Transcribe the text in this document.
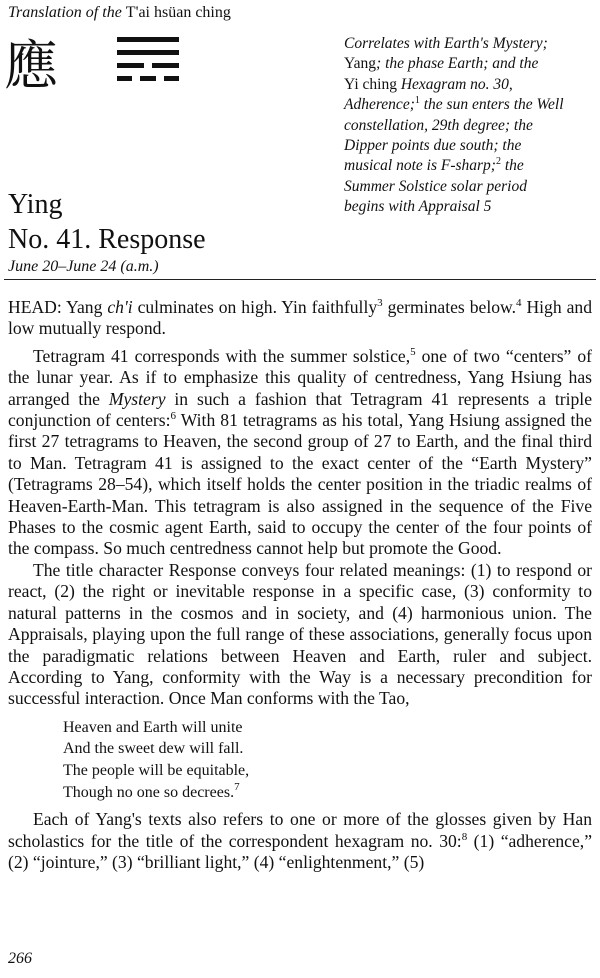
Translation of the T'ai hsüan ching
應	Correlates with Earth's Mystery;
Yang; the phase Earth; and the
Yi ching Hexagram no. 30,
Adherence;$^1$ the sun enters the Well
constellation, 29th degree; the
Dipper points due south; the
musical note is F-sharp;$^2$ the
Summer Solstice solar period
begins with Appraisal 5
Ying
No. 41. Response
June 20–June 24 (a.m.)

HEAD: Yang ch'i culminates on high. Yin faithfully$^3$ germinates below.$^4$ High and low mutually respond.

Tetragram 41 corresponds with the summer solstice,$^5$ one of two “centers” of the lunar year. As if to emphasize this quality of centredness, Yang Hsiung has arranged the Mystery in such a fashion that Tetragram 41 represents a triple conjunction of centers:$^6$ With 81 tetragrams as his total, Yang Hsiung assigned the first 27 tetragrams to Heaven, the second group of 27 to Earth, and the final third to Man. Tetragram 41 is assigned to the exact center of the “Earth Mystery” (Tetragrams 28–54), which itself holds the center position in the triadic realms of Heaven-Earth-Man. This tetragram is also assigned in the sequence of the Five Phases to the cosmic agent Earth, said to occupy the center of the four points of the compass. So much centredness cannot help but promote the Good.

The title character Response conveys four related meanings: (1) to respond or react, (2) the right or inevitable response in a specific case, (3) conformity to natural patterns in the cosmos and in society, and (4) harmonious union. The Appraisals, playing upon the full range of these associations, generally focus upon the paradigmatic relations between Heaven and Earth, ruler and subject. According to Yang, conformity with the Way is a necessary precondition for successful interaction. Once Man conforms with the Tao,

Heaven and Earth will unite
And the sweet dew will fall.
The people will be equitable,
Though no one so decrees.$^7$

Each of Yang's texts also refers to one or more of the glosses given by Han scholastics for the title of the correspondent hexagram no. 30:$^8$ (1) “adherence,” (2) “jointure,” (3) “brilliant light,” (4) “enlightenment,” (5)

266
